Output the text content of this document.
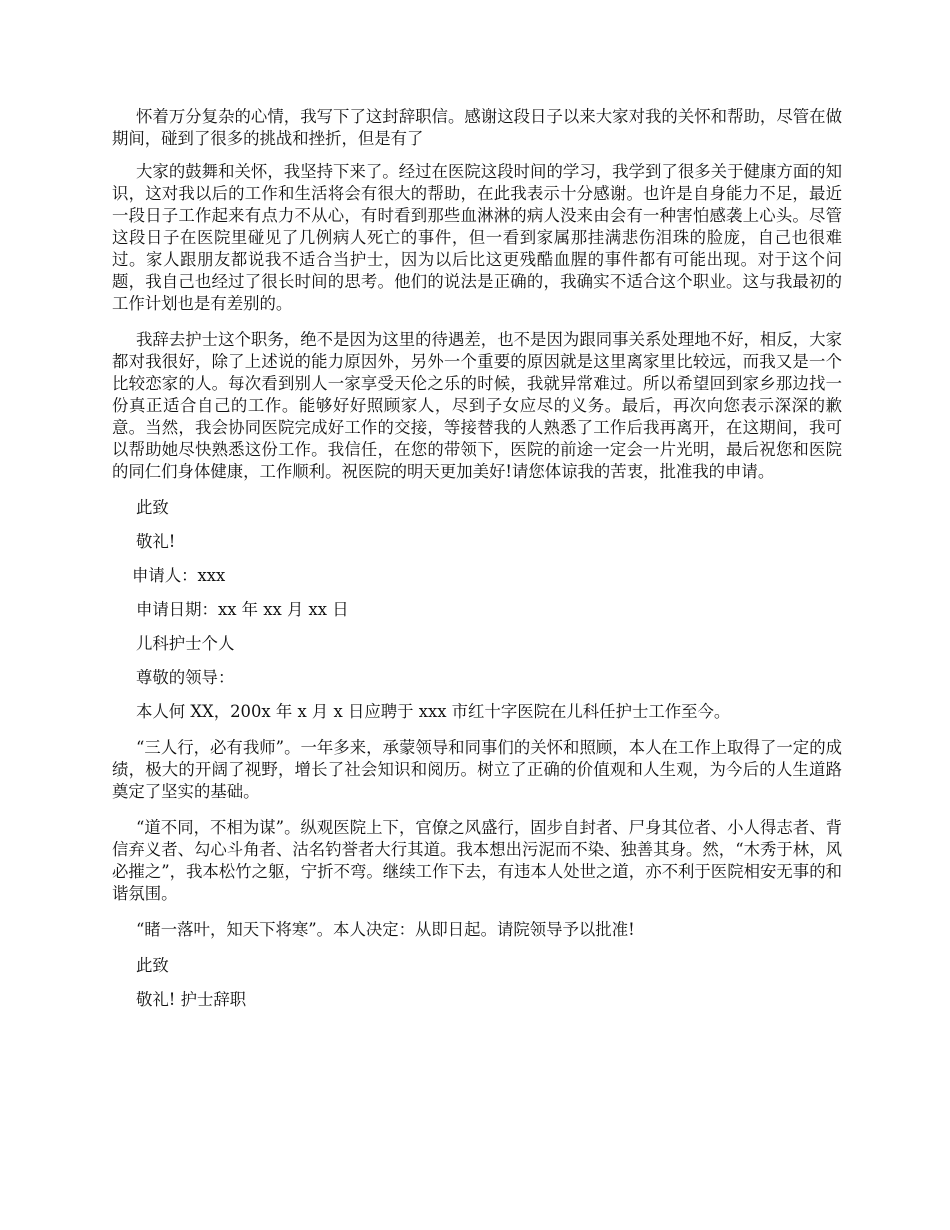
怀着万分复杂的心情，我写下了这封辞职信。感谢这段日子以来大家对我的关怀和帮助，尽管在做期间，碰到了很多的挑战和挫折，但是有了

大家的鼓舞和关怀，我坚持下来了。经过在医院这段时间的学习，我学到了很多关于健康方面的知识，这对我以后的工作和生活将会有很大的帮助，在此我表示十分感谢。也许是自身能力不足，最近一段日子工作起来有点力不从心，有时看到那些血淋淋的病人没来由会有一种害怕感袭上心头。尽管这段日子在医院里碰见了几例病人死亡的事件，但一看到家属那挂满悲伤泪珠的脸庞，自己也很难过。家人跟朋友都说我不适合当护士，因为以后比这更残酷血腥的事件都有可能出现。对于这个问题，我自己也经过了很长时间的思考。他们的说法是正确的，我确实不适合这个职业。这与我最初的工作计划也是有差别的。

我辞去护士这个职务，绝不是因为这里的待遇差，也不是因为跟同事关系处理地不好，相反，大家都对我很好，除了上述说的能力原因外，另外一个重要的原因就是这里离家里比较远，而我又是一个比较恋家的人。每次看到别人一家享受天伦之乐的时候，我就异常难过。所以希望回到家乡那边找一份真正适合自己的工作。能够好好照顾家人，尽到子女应尽的义务。最后，再次向您表示深深的歉意。当然，我会协同医院完成好工作的交接，等接替我的人熟悉了工作后我再离开，在这期间，我可以帮助她尽快熟悉这份工作。我信任，在您的带领下，医院的前途一定会一片光明，最后祝您和医院的同仁们身体健康，工作顺利。祝医院的明天更加美好!请您体谅我的苦衷，批准我的申请。

此致
敬礼!
申请人：xxx
申请日期：xx 年 xx 月 xx 日
儿科护士个人
尊敬的领导：

本人何 XX，200x 年 x 月 x 日应聘于 xxx 市红十字医院在儿科任护士工作至今。

“三人行，必有我师”。一年多来，承蒙领导和同事们的关怀和照顾，本人在工作上取得了一定的成绩，极大的开阔了视野，增长了社会知识和阅历。树立了正确的价值观和人生观，为今后的人生道路奠定了坚实的基础。

“道不同，不相为谋”。纵观医院上下，官僚之风盛行，固步自封者、尸身其位者、小人得志者、背信弃义者、勾心斗角者、沽名钓誉者大行其道。我本想出污泥而不染、独善其身。然，“木秀于林，风必摧之”，我本松竹之躯，宁折不弯。继续工作下去，有违本人处世之道，亦不利于医院相安无事的和谐氛围。

“睹一落叶，知天下将寒”。本人决定：从即日起。请院领导予以批准!

此致
敬礼! 护士辞职
